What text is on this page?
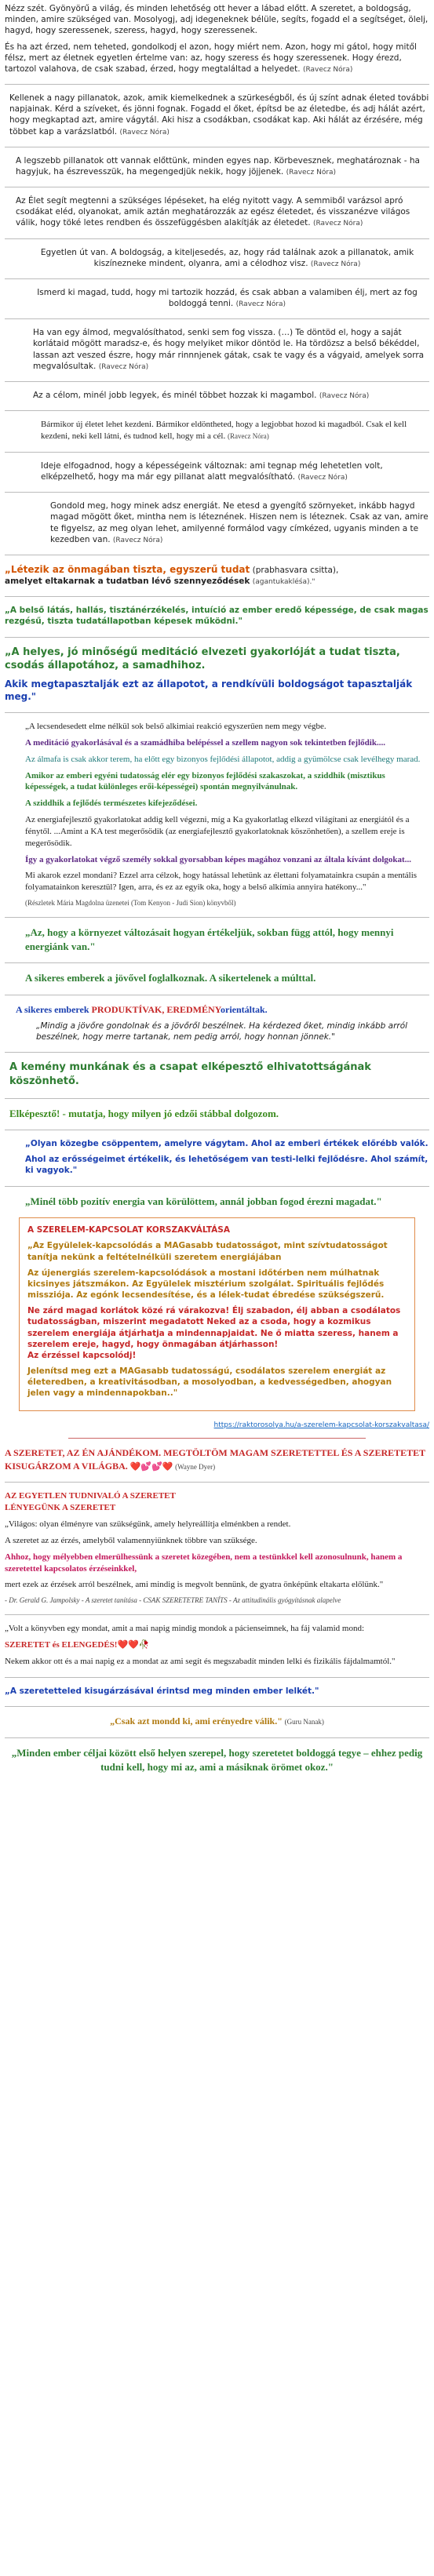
Nézz szét. Gyönyörű a világ, és minden lehetőség ott hever a lábad előtt. A szeretet, a boldogság, minden, amire szükséged van. Mosolyogj, adj idegeneknek bélüle, segíts, fogadd el a segítséget, ölelj, hagyd, hogy szeressenek, szeress, hagyd, hogy szeressenek.

És ha azt érzed, nem teheted, gondolkodj el azon, hogy miért nem. Azon, hogy mi gátol, hogy mitől félsz, mert az életnek egyetlen értelme van: az, hogy szeress és hogy szeressenek. Hogy érezd, tartozol valahova, de csak szabad, érzed, hogy megtaláltad a helyedet. (Ravecz Nóra)

Kellenek a nagy pillanatok, azok, amik kiemelkednek a szürkeségből, és új színt adnak életed további napjainak. Kérd a szíveket, és jönni fognak. Fogadd el őket, építsd be az életedbe, és adj hálát azért, hogy megkaptad azt, amire vágytál. Aki hisz a csodákban, csodákat kap. Aki hálát az érzésére, még többet kap a varázslatból. (Ravecz Nóra)

A legszebb pillanatok ott vannak előttünk, minden egyes nap. Körbevesznek, meghatároznak - ha hagyjuk, ha észrevesszük, ha megengedjük nekik, hogy jöjjenek. (Ravecz Nóra)

Az Élet segít megtenni a szükséges lépéseket, ha elég nyitott vagy. A semmiből varázsol apró csodákat eléd, olyanokat, amik aztán meghatározzák az egész életedet, és visszanézve világos válik, hogy töké letes rendben és összefüggésben alakítják az életedet. (Ravecz Nóra)

Egyetlen út van. A boldogság, a kiteljesedés, az, hogy rád találnak azok a pillanatok, amik kiszínezneke mindent, olyanra, ami a célodhoz visz. (Ravecz Nóra)

Ismerd ki magad, tudd, hogy mi tartozik hozzád, és csak abban a valamiben élj, mert az fog boldoggá tenni. (Ravecz Nóra)

Ha van egy álmod, megvalósíthatod, senki sem fog vissza. (…) Te döntöd el, hogy a saját korlátaid mögött maradsz-e, és hogy melyiket mikor döntöd le. Ha tördözsz a belső békéddel, lassan azt veszed észre, hogy már rinnnjenek gátak, csak te vagy és a vágyaid, amelyek sorra megvalósultak. (Ravecz Nóra)

Az a célom, minél jobb legyek, és minél többet hozzak ki magambol. (Ravecz Nóra)

Bármikor új életet lehet kezdeni. Bármikor eldöntheted, hogy a legjobbat hozod ki magadból. Csak el kell kezdeni, neki kell látni, és tudnod kell, hogy mi a cél. (Ravecz Nóra)

Ideje elfogadnod, hogy a képességeink változnak: ami tegnap még lehetetlen volt, elképzelhető, hogy ma már egy pillanat alatt megvalósítható. (Ravecz Nóra)

Gondold meg, hogy minek adsz energiát. Ne etesd a gyengítő szörnyeket, inkább hagyd magad mögött őket, mintha nem is léteznének. Hiszen nem is léteznek. Csak az van, amire te figyelsz, az meg olyan lehet, amilyenné formálod vagy címkézed, ugyanis minden a te kezedben van. (Ravecz Nóra)

„Létezik az önmagában tiszta, egyszerű tudat (prabhasvara csitta),
amelyet eltakarnak a tudatban lévő szennyeződések (agantukakléśa)."

„A belső látás, hallás, tisztánérzékelés, intuíció az ember eredő képessége, de csak magas rezgésű, tiszta tudatállapotban képesek működni."

„A helyes, jó minőségű meditáció elvezeti gyakorlóját a tudat tiszta, csodás állapotához, a samadhihoz.

Akik megtapasztalják ezt az állapotot, a rendkívüli boldogságot tapasztalják meg."

„A lecsendesedett elme nélkül sok belső alkimiai reakció egyszerűen nem megy végbe.

A meditáció gyakorlásával és a szamádhiba belépéssel a szellem nagyon sok tekintetben fejlődik....

Az álmafa is csak akkor terem, ha előtt egy bizonyos fejlődési állapotot, addig a gyümölcse csak levélhegy marad.

Amikor az emberi egyéni tudatosság elér egy bizonyos fejlődési szakaszokat, a sziddhik (misztikus képességek, a tudat különleges erői-képességei) spontán megnyilvánulnak.

A sziddhik a fejlődés természetes kifejeződései.

Az energiafejlesztő gyakorlatokat addig kell végezni, míg a Ka gyakorlatlag elkezd világítani az energiától és a fénytől. ...Amint a KA test megerősödik (az energiafejlesztő gyakorlatoknak köszönhetően), a szellem ereje is megerősödik.

Így a gyakorlatokat végző személy sokkal gyorsabban képes magához vonzani az általa kívánt dolgokat...

Mi akarok ezzel mondani? Ezzel arra célzok, hogy hatással lehetünk az élettani folyamatainkra csupán a mentális folyamatainkon keresztül? Igen, arra, és ez az egyik oka, hogy a belső alkímia annyira hatékony..."

(Részletek Mária Magdolna üzenetei (Tom Kenyon - Judi Sion) könyvből)

„Az, hogy a környezet változásait hogyan értékeljük, sokban függ attól, hogy mennyi energiánk van."

A sikeres emberek a jövővel foglalkoznak. A sikertelenek a múlttal.

A sikeres emberek PRODUKTÍVAK, EREDMÉNYorientáltak.

„Mindig a jövőre gondolnak és a jövőről beszélnek. Ha kérdezed őket, mindig inkább arról beszélnek, hogy merre tartanak, nem pedig arról, hogy honnan jönnek."

A kemény munkának és a csapat elképesztő elhivatottságának köszönhető.

Elképesztő! - mutatja, hogy milyen jó edzői stábbal dolgozom.

„Olyan közegbe csöppentem, amelyre vágytam. Ahol az emberi értékek előrébb valók.

Ahol az erősségeimet értékelik, és lehetőségem van testi-lelki fejlődésre. Ahol számít, ki vagyok."

„Minél több pozitív energia van körülöttem, annál jobban fogod érezni magadat."

A SZERELEM-KAPCSOLAT KORSZAKVÁLTÁSA

„Az Együlelek-kapcsolódás a MAGasabb tudatosságot, mint szívtudatosságot tanítja nekünk a feltételnélküli szeretem energiájában

Az újenergiás szerelem-kapcsolódások a mostani időtérben nem múlhatnak kicsinyes játszmákon. Az Együlelek misztérium szolgálat. Spirituális fejlődés missziója. Az egónk lecsendesítése, és a lélek-tudat ébredése szükségszerű.

Ne zárd magad korlátok közé rá várakozva! Élj szabadon, élj abban a csodálatos tudatosságban, miszerint megadatott Neked az a csoda, hogy a kozmikus szerelem energiája átjárhatja a mindennapjaidat. Ne ő miatta szeress, hanem a szerelem ereje, hagyd, hogy önmagában átjárhasson!
Az érzéssel kapcsolódj!

Jelenítsd meg ezt a MAGasabb tudatosságú, csodálatos szerelem energiát az életeredben, a kreativitásodban, a mosolyodban, a kedvességedben, ahogyan jelen vagy a mindennapokban.."

https://raktorosolya.hu/a-szerelem-kapcsolat-korszakvaltasa/

A SZERETET, AZ ÉN AJÁNDÉKOM. MEGTÖLTÖM MAGAM SZERETETTEL ÉS A SZERETETET KISUGÁRZOM A VILÁGBA. ❤️💕💕❤️ (Wayne Dyer)

AZ EGYETLEN TUDNIVALÓ A SZERETET

LÉNYEGÜNK A SZERETET

„Világos: olyan élményre van szükségünk, amely helyreállítja elménkben a rendet.

A szeretet az az érzés, amelyből valamennyiünknek többre van szüksége.

Ahhoz, hogy mélyebben elmerülhessünk a szeretet közegében, nem a testünkkel kell azonosulnunk, hanem a szeretettel kapcsolatos érzéseinkkel,

mert ezek az érzések arról beszélnek, ami mindig is megvolt bennünk, de gyatra önképünk eltakarta előlünk."

- Dr. Gerald G. Jampolsky - A szeretet tanítása - CSAK SZERETETRE TANÍTS - Az attitudinális gyógyításnak alapelve

„Volt a könyvben egy mondat, amit a mai napig mindig mondok a pácienseimnek, ha fáj valamid mond:

SZERETET és ELENGEDÉS!❤️❤️🥀

Nekem akkor ott és a mai napig ez a mondat az ami segít és megszabadít minden lelki és fizikális fájdalmamtól."

„A szeretetteled kisugárzásával érintsd meg minden ember lelkét."

„Csak azt mondd ki, ami erényedre válik." (Guru Nanak)

„Minden ember céljai között első helyen szerepel, hogy szeretetet boldoggá tegye – ehhez pedig tudni kell, hogy mi az, ami a másiknak örömet okoz."
